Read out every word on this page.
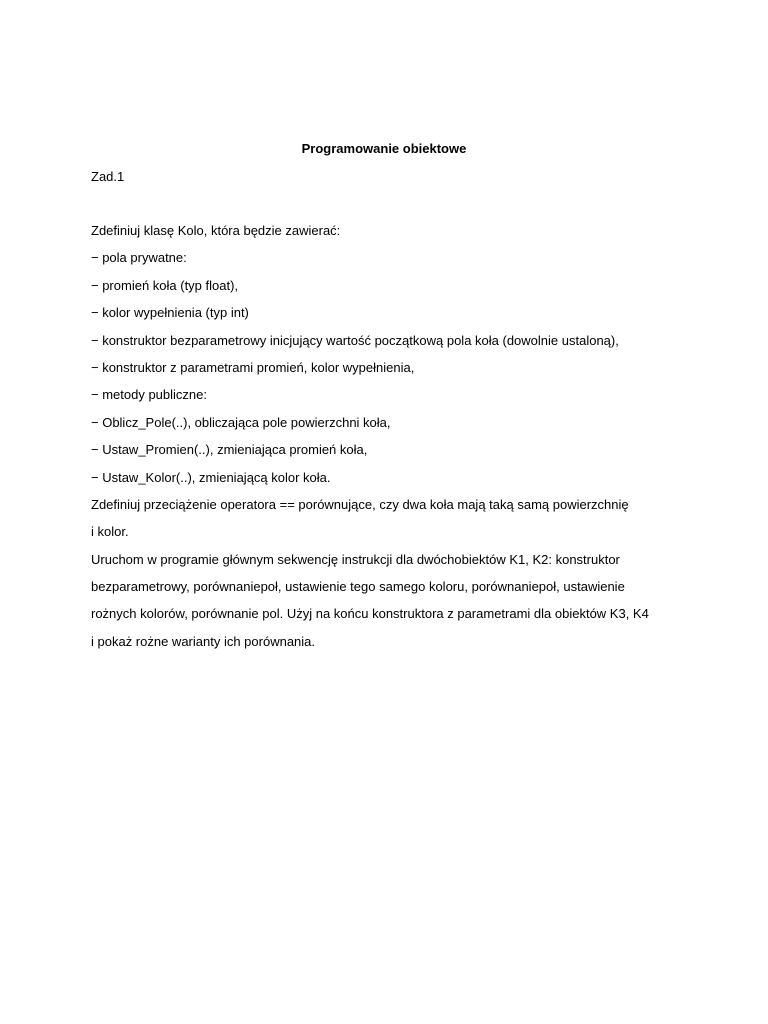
Programowanie obiektowe
Zad.1
Zdefiniuj klasę Kolo, która będzie zawierać:
− pola prywatne:
− promień koła (typ float),
− kolor wypełnienia (typ int)
− konstruktor bezparametrowy inicjujący wartość początkową pola koła (dowolnie ustaloną),
− konstruktor z parametrami promień, kolor wypełnienia,
− metody publiczne:
− Oblicz_Pole(..), obliczająca pole powierzchni koła,
− Ustaw_Promien(..), zmieniająca promień koła,
− Ustaw_Kolor(..), zmieniającą kolor koła.
Zdefiniuj przeciążenie operatora == porównujące, czy dwa koła mają taką samą powierzchnię
i kolor.
Uruchom w programie głównym sekwencję instrukcji dla dwóchobiektów K1, K2: konstruktor
bezparametrowy, porównaniepoł, ustawienie tego samego koloru, porównaniepoł, ustawienie
rożnych kolorów, porównanie pol. Użyj na końcu konstruktora z parametrami dla obiektów K3, K4
i pokaż rożne warianty ich porównania.
